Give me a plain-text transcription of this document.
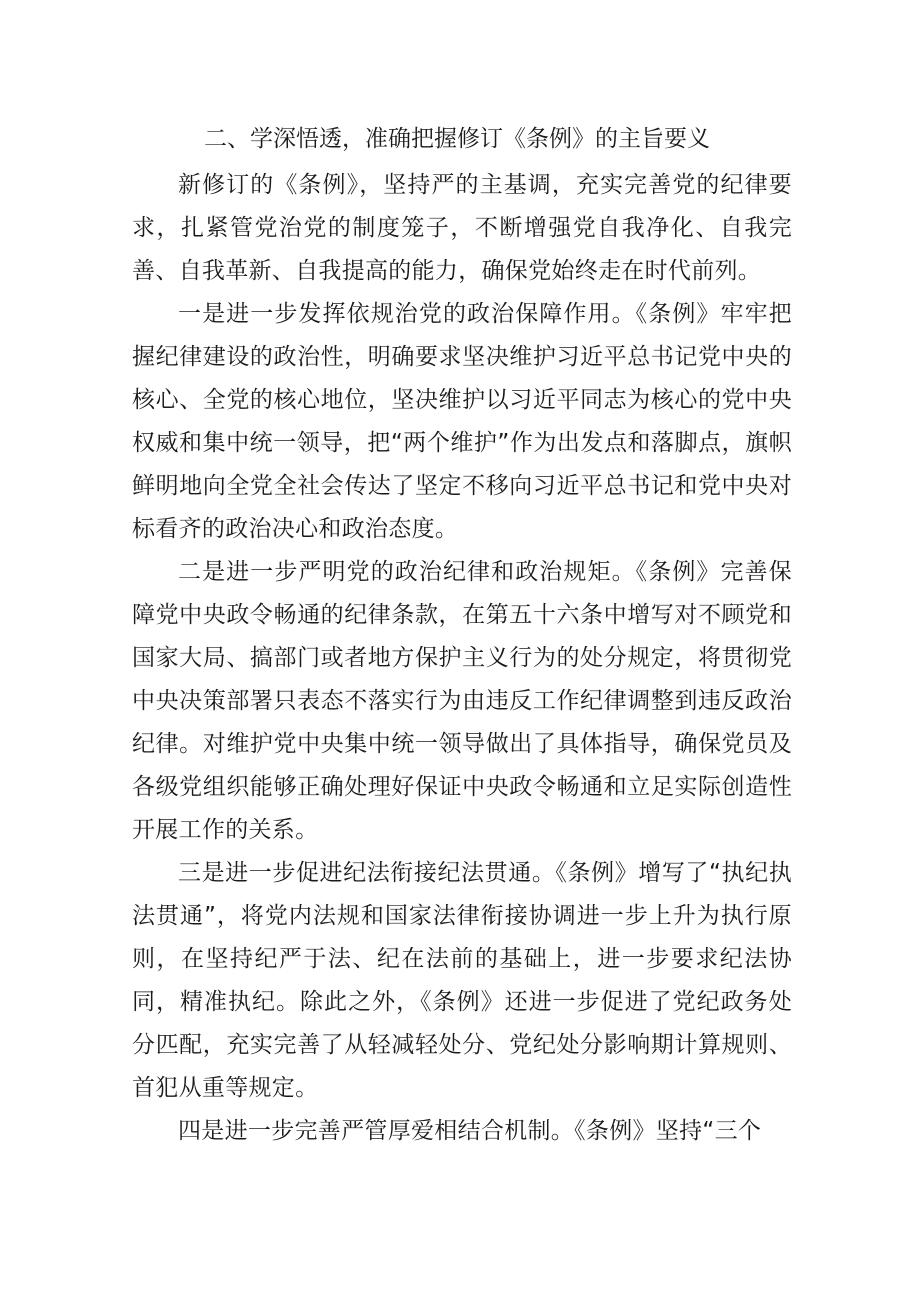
二、学深悟透，准确把握修订《条例》的主旨要义

新修订的《条例》，坚持严的主基调，充实完善党的纪律要求，扎紧管党治党的制度笼子，不断增强党自我净化、自我完善、自我革新、自我提高的能力，确保党始终走在时代前列。

一是进一步发挥依规治党的政治保障作用。《条例》牢牢把握纪律建设的政治性，明确要求坚决维护习近平总书记党中央的核心、全党的核心地位，坚决维护以习近平同志为核心的党中央权威和集中统一领导，把“两个维护”作为出发点和落脚点，旗帜鲜明地向全党全社会传达了坚定不移向习近平总书记和党中央对标看齐的政治决心和政治态度。

二是进一步严明党的政治纪律和政治规矩。《条例》完善保障党中央政令畅通的纪律条款，在第五十六条中增写对不顾党和国家大局、搞部门或者地方保护主义行为的处分规定，将贯彻党中央决策部署只表态不落实行为由违反工作纪律调整到违反政治纪律。对维护党中央集中统一领导做出了具体指导，确保党员及各级党组织能够正确处理好保证中央政令畅通和立足实际创造性开展工作的关系。

三是进一步促进纪法衔接纪法贯通。《条例》增写了“执纪执法贯通”，将党内法规和国家法律衔接协调进一步上升为执行原则，在坚持纪严于法、纪在法前的基础上，进一步要求纪法协同，精准执纪。除此之外，《条例》还进一步促进了党纪政务处分匹配，充实完善了从轻减轻处分、党纪处分影响期计算规则、首犯从重等规定。

四是进一步完善严管厚爱相结合机制。《条例》坚持“三个
